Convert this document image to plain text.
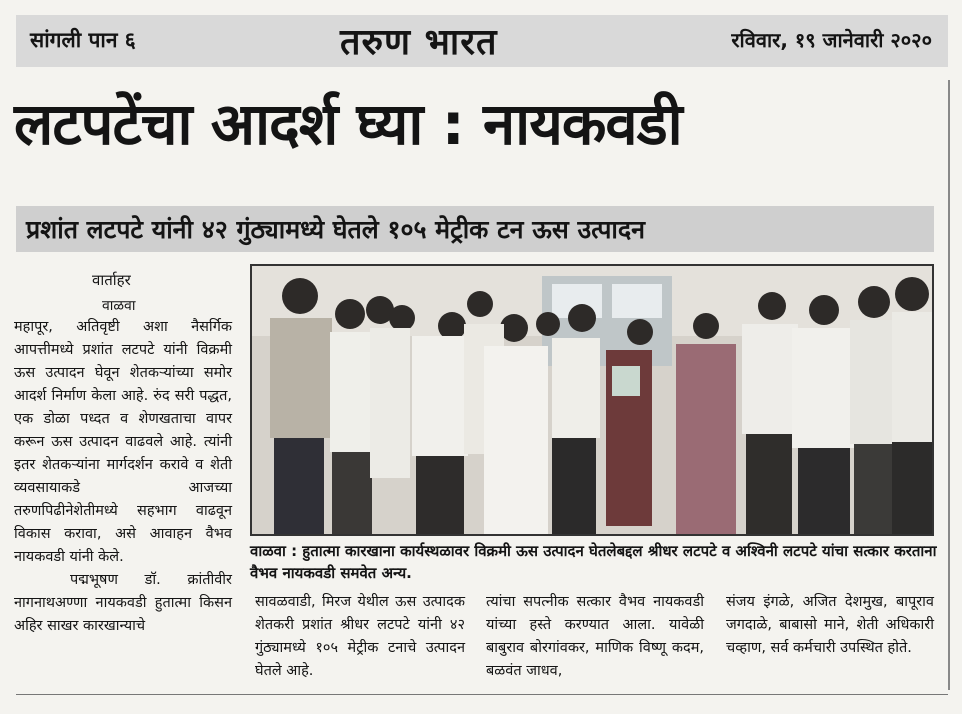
सांगली पान ६	तरुण भारत	रविवार, १९ जानेवारी २०२०
लटपटेंचा आदर्श घ्या : नायकवडी
प्रशांत लटपटे यांनी ४२ गुंठ्यामध्ये घेतले १०५ मेट्रीक टन ऊस उत्पादन
वार्ताहर
वाळवा

महापूर, अतिवृष्टी अशा नैसर्गिक आपत्तीमध्ये प्रशांत लटपटे यांनी विक्रमी ऊस उत्पादन घेवून शेतकऱ्यांच्या समोर आदर्श निर्माण केला आहे. रुंद सरी पद्धत, एक डोळा पध्दत व शेणखताचा वापर करून ऊस उत्पादन वाढवले आहे. त्यांनी इतर शेतकऱ्यांना मार्गदर्शन करावे व शेती व्यवसायाकडे आजच्या तरुणपिढीनेशेतीमध्ये सहभाग वाढवून विकास करावा, असे आवाहन वैभव नायकवडी यांनी केले.

पद्मभूषण डॉ. क्रांतीवीर नागनाथअण्णा नायकवडी हुतात्मा किसन अहिर साखर कारखान्याचे

वाळवा : हुतात्मा कारखाना कार्यस्थळावर विक्रमी ऊस उत्पादन घेतलेबद्दल श्रीधर लटपटे व अश्विनी लटपटे यांचा सत्कार करताना वैभव नायकवडी समवेत अन्य.
सावळवाडी, मिरज येथील ऊस उत्पादक शेतकरी प्रशांत श्रीधर लटपटे यांनी ४२ गुंठ्यामध्ये १०५ मेट्रीक टनाचे उत्पादन घेतले आहे.
त्यांचा सपत्नीक सत्कार वैभव नायकवडी यांच्या हस्ते करण्यात आला. यावेळी बाबुराव बोरगांवकर, माणिक विष्णू कदम, बळवंत जाधव,
संजय इंगळे, अजित देशमुख, बापूराव जगदाळे, बाबासो माने, शेती अधिकारी चव्हाण, सर्व कर्मचारी उपस्थित होते.
